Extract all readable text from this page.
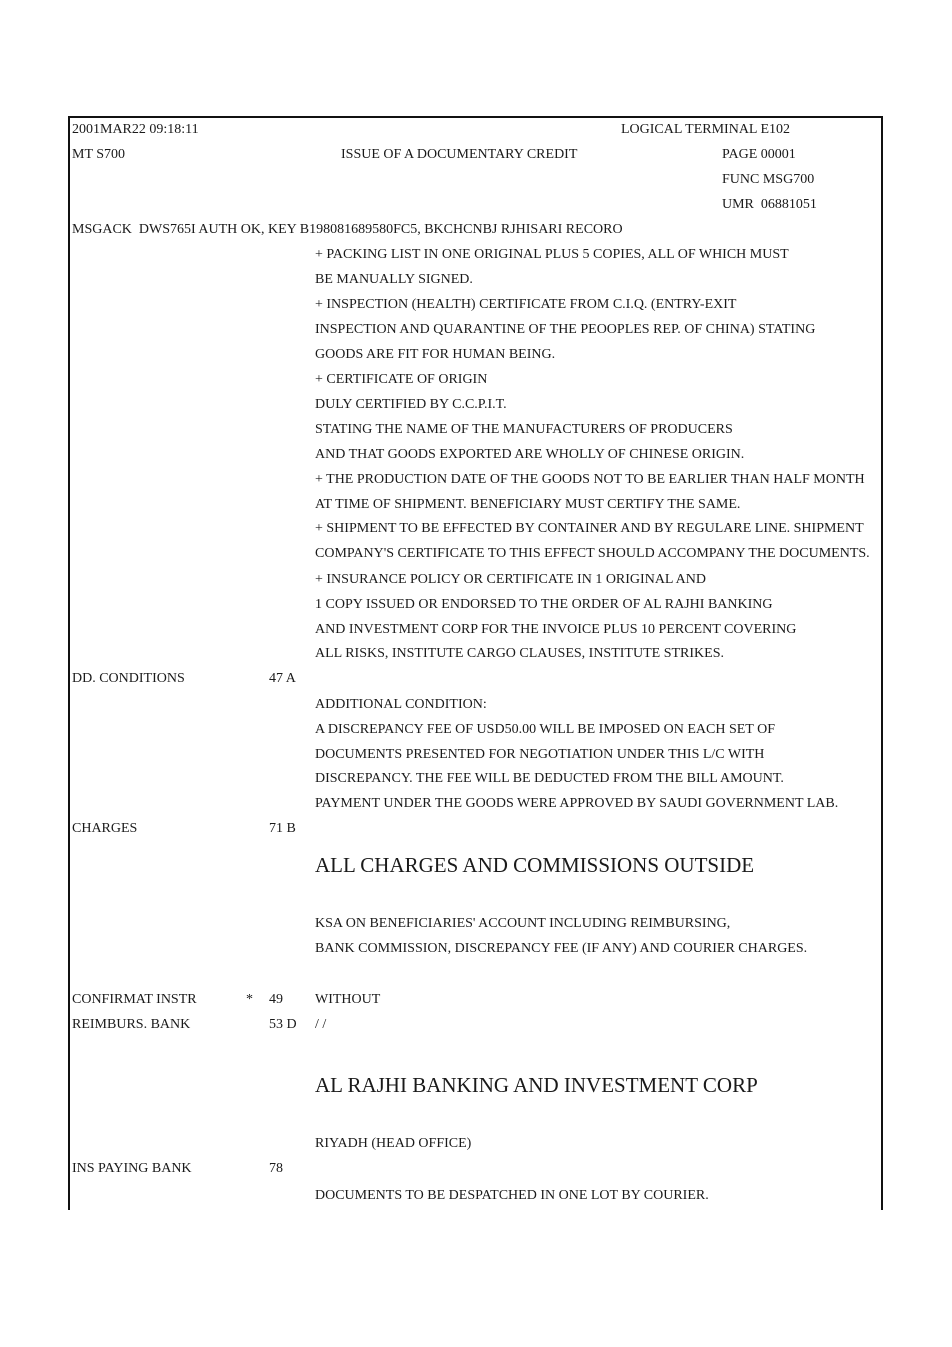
2001MAR22 09:18:11	LOGICAL TERMINAL E102
MT S700	ISSUE OF A DOCUMENTARY CREDIT	PAGE 00001
FUNC MSG700
UMR  06881051
MSGACK  DWS765I AUTH OK, KEY B198081689580FC5, BKCHCNBJ RJHISARI RECORO
+ PACKING LIST IN ONE ORIGINAL PLUS 5 COPIES, ALL OF WHICH MUST
BE MANUALLY SIGNED.
+ INSPECTION (HEALTH) CERTIFICATE FROM C.I.Q. (ENTRY-EXIT
INSPECTION AND QUARANTINE OF THE PEOOPLES REP. OF CHINA) STATING
GOODS ARE FIT FOR HUMAN BEING.
+ CERTIFICATE OF ORIGIN
DULY CERTIFIED BY C.C.P.I.T.
STATING THE NAME OF THE MANUFACTURERS OF PRODUCERS
AND THAT GOODS EXPORTED ARE WHOLLY OF CHINESE ORIGIN.
+ THE PRODUCTION DATE OF THE GOODS NOT TO BE EARLIER THAN HALF MONTH
AT TIME OF SHIPMENT. BENEFICIARY MUST CERTIFY THE SAME.
+ SHIPMENT TO BE EFFECTED BY CONTAINER AND BY REGULARE LINE. SHIPMENT
COMPANY'S CERTIFICATE TO THIS EFFECT SHOULD ACCOMPANY THE DOCUMENTS.
+ INSURANCE POLICY OR CERTIFICATE IN 1 ORIGINAL AND
1 COPY ISSUED OR ENDORSED TO THE ORDER OF AL RAJHI BANKING
AND INVESTMENT CORP FOR THE INVOICE PLUS 10 PERCENT COVERING
ALL RISKS, INSTITUTE CARGO CLAUSES, INSTITUTE STRIKES.
DD. CONDITIONS	47 A
ADDITIONAL CONDITION:
A DISCREPANCY FEE OF USD50.00 WILL BE IMPOSED ON EACH SET OF
DOCUMENTS PRESENTED FOR NEGOTIATION UNDER THIS L/C WITH
DISCREPANCY. THE FEE WILL BE DEDUCTED FROM THE BILL AMOUNT.
PAYMENT UNDER THE GOODS WERE APPROVED BY SAUDI GOVERNMENT LAB.
CHARGES	71 B
ALL CHARGES AND COMMISSIONS OUTSIDE
KSA ON BENEFICIARIES' ACCOUNT INCLUDING REIMBURSING,
BANK COMMISSION, DISCREPANCY FEE (IF ANY) AND COURIER CHARGES.
CONFIRMAT INSTR	* 49 WITHOUT
REIMBURS. BANK	53 D / /
AL RAJHI BANKING AND INVESTMENT CORP
RIYADH (HEAD OFFICE)
INS PAYING BANK	78
DOCUMENTS TO BE DESPATCHED IN ONE LOT BY COURIER.
